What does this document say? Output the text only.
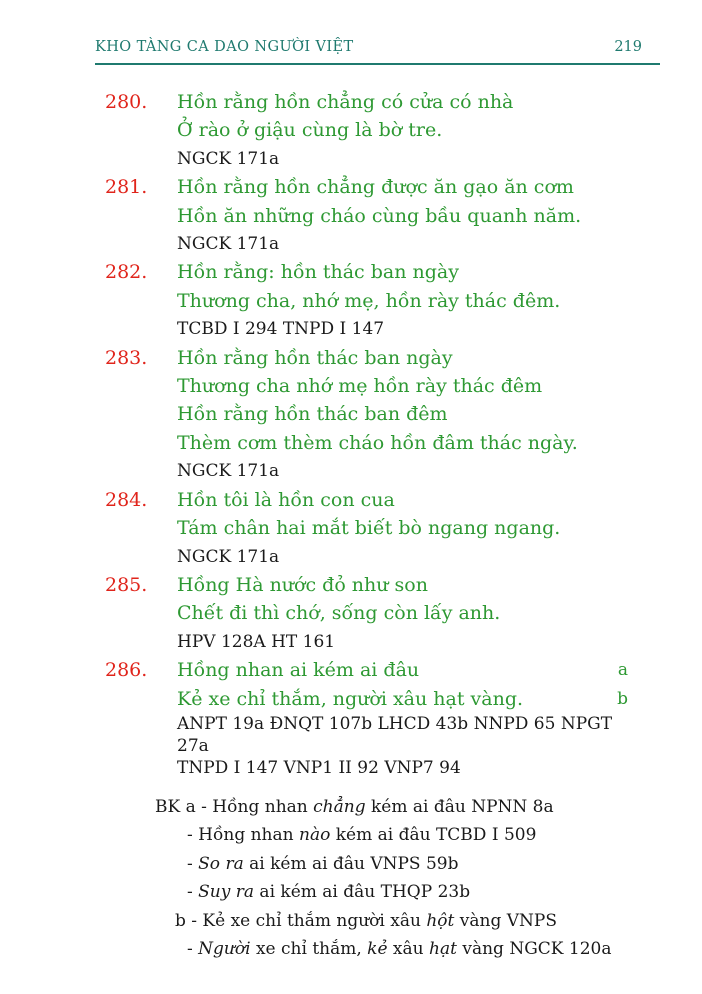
KHO TÀNG CA DAO NGƯỜI VIỆT	219
280. Hồn rằng hồn chẳng có cửa có nhà
Ở rào ở giậu cùng là bờ tre.
NGCK 171a
281. Hồn rằng hồn chẳng được ăn gạo ăn cơm
Hồn ăn những cháo cùng bầu quanh năm.
NGCK 171a
282. Hồn rằng: hồn thác ban ngày
Thương cha, nhớ mẹ, hồn rày thác đêm.
TCBD I 294 TNPD I 147
283. Hồn rằng hồn thác ban ngày
Thương cha nhớ mẹ hồn rày thác đêm
Hồn rằng hồn thác ban đêm
Thèm cơm thèm cháo hồn đâm thác ngày.
NGCK 171a
284. Hồn tôi là hồn con cua
Tám chân hai mắt biết bò ngang ngang.
NGCK 171a
285. Hồng Hà nước đỏ như son
Chết đi thì chớ, sống còn lấy anh.
HPV 128A HT 161
286. Hồng nhan ai kém ai đâu	a
Kẻ xe chỉ thắm, người xâu hạt vàng.	b
ANPT 19a ĐNQT 107b LHCD 43b NNPD 65 NPGT 27a
TNPD I 147 VNP1 II 92 VNP7 94
BK a - Hồng nhan chẳng kém ai đâu NPNN 8a
- Hồng nhan nào kém ai đâu TCBD I 509
- So ra ai kém ai đâu VNPS 59b
- Suy ra ai kém ai đâu THQP 23b
b - Kẻ xe chỉ thắm người xâu hột vàng VNPS
- Người xe chỉ thắm, kẻ xâu hạt vàng NGCK 120a
